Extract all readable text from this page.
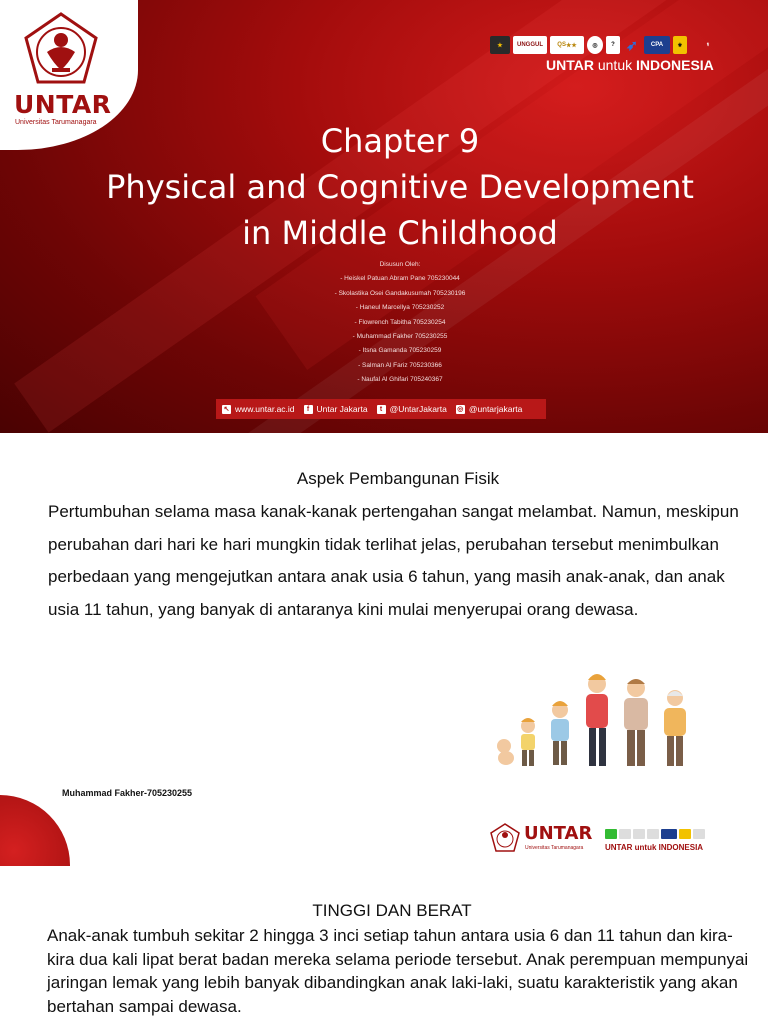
UNTAR
Universitas Tarumanagara
★	UNGGUL	QS ★★	◎	? ➶	CPA	⚜	⚕
UNTAR untuk INDONESIA
Chapter 9
Physical and Cognitive Development
in Middle Childhood
Disusun Oleh:
- Heiskel Patuan Abram Pane 705230044
- Skolastika Osei Gandakusumah 705230196
- Haneul Marcellya 705230252
- Flowrench Tabitha 705230254
- Muhammad Fakher 705230255
- Itsna Gamanda 705230259
- Salman Al Fariz 705230366
- Naufal Al Ghifari 705240367
↖ www.untar.ac.id	f Untar Jakarta	t @UntarJakarta ◎ @untarjakarta
Aspek Pembangunan Fisik
Pertumbuhan selama masa kanak-kanak pertengahan sangat melambat. Namun, meskipun perubahan dari hari ke hari mungkin tidak terlihat jelas, perubahan tersebut menimbulkan perbedaan yang mengejutkan antara anak usia 6 tahun, yang masih anak-anak, dan anak usia 11 tahun, yang banyak di antaranya kini mulai menyerupai orang dewasa.
Muhammad Fakher-705230255
UNTAR
Universitas Tarumanagara	UNTAR untuk INDONESIA
TINGGI DAN BERAT
Anak-anak tumbuh sekitar 2 hingga 3 inci setiap tahun antara usia 6 dan 11 tahun dan kira-kira dua kali lipat berat badan mereka selama periode tersebut. Anak perempuan mempunyai jaringan lemak yang lebih banyak dibandingkan anak laki-laki, suatu karakteristik yang akan bertahan sampai dewasa.
